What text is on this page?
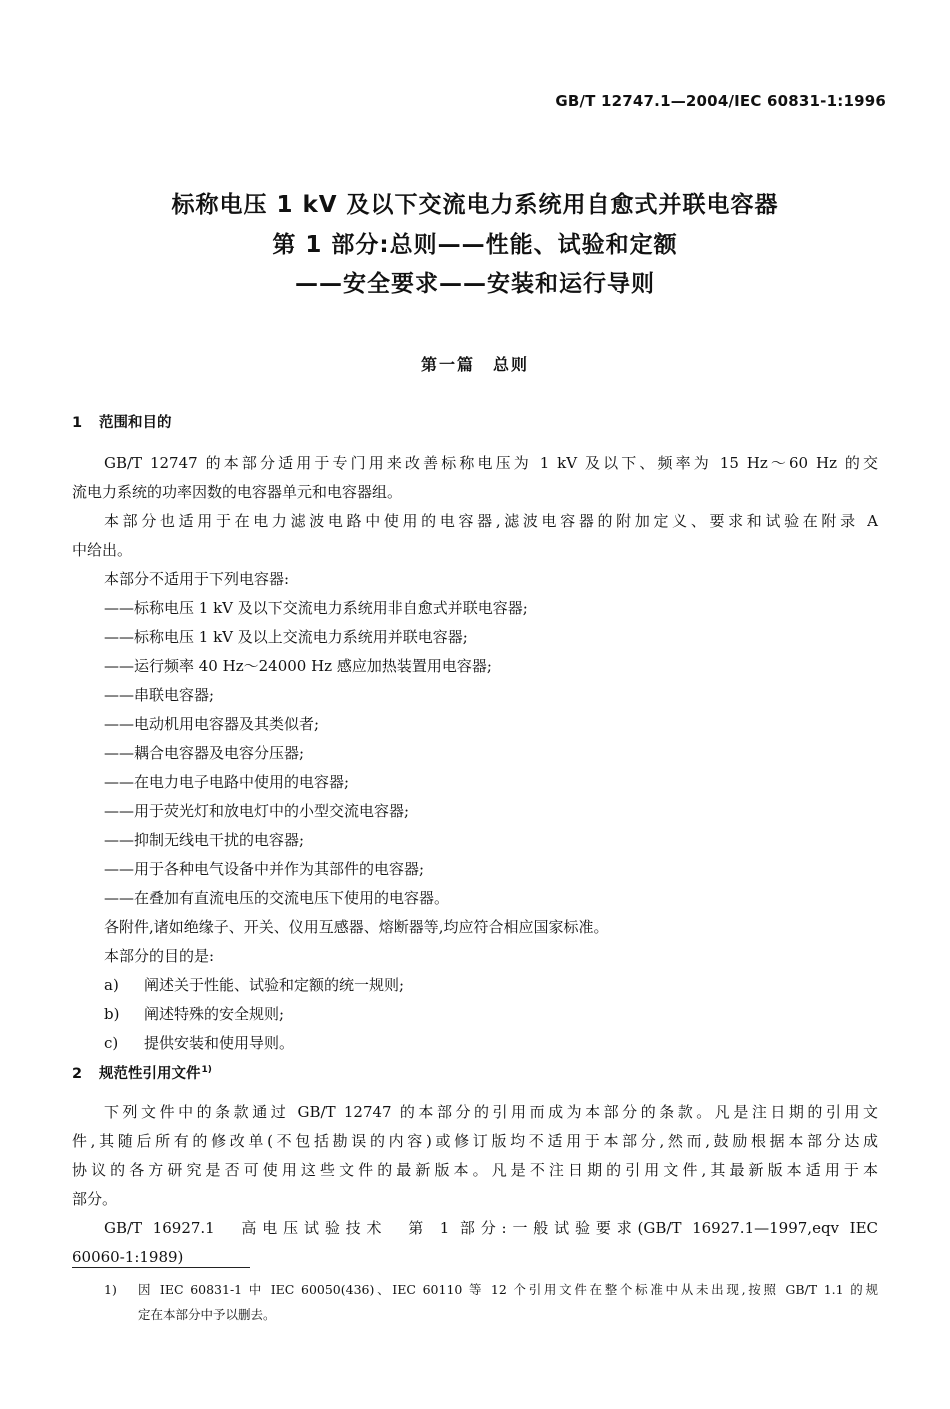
GB/T 12747.1—2004/IEC 60831-1:1996
标称电压 1 kV 及以下交流电力系统用自愈式并联电容器
第 1 部分:总则——性能、试验和定额
——安全要求——安装和运行导则
第一篇　总则
1 范围和目的
GB/T 12747 的本部分适用于专门用来改善标称电压为 1 kV 及以下、频率为 15 Hz～60 Hz 的交
流电力系统的功率因数的电容器单元和电容器组。
本部分也适用于在电力滤波电路中使用的电容器,滤波电容器的附加定义、要求和试验在附录 A
中给出。
本部分不适用于下列电容器:
——标称电压 1 kV 及以下交流电力系统用非自愈式并联电容器;
——标称电压 1 kV 及以上交流电力系统用并联电容器;
——运行频率 40 Hz～24000 Hz 感应加热装置用电容器;
——串联电容器;
——电动机用电容器及其类似者;
——耦合电容器及电容分压器;
——在电力电子电路中使用的电容器;
——用于荧光灯和放电灯中的小型交流电容器;
——抑制无线电干扰的电容器;
——用于各种电气设备中并作为其部件的电容器;
——在叠加有直流电压的交流电压下使用的电容器。
各附件,诸如绝缘子、开关、仪用互感器、熔断器等,均应符合相应国家标准。
本部分的目的是:
a) 阐述关于性能、试验和定额的统一规则;
b) 阐述特殊的安全规则;
c) 提供安装和使用导则。
2 规范性引用文件$^{1)}$
下列文件中的条款通过 GB/T 12747 的本部分的引用而成为本部分的条款。凡是注日期的引用文
件,其随后所有的修改单(不包括勘误的内容)或修订版均不适用于本部分,然而,鼓励根据本部分达成
协议的各方研究是否可使用这些文件的最新版本。凡是不注日期的引用文件,其最新版本适用于本
部分。
GB/T 16927.1　高电压试验技术　第 1 部分:一般试验要求(GB/T 16927.1—1997,eqv IEC
60060-1:1989)
1) 因 IEC 60831-1 中 IEC 60050(436)、IEC 60110 等 12 个引用文件在整个标准中从未出现,按照 GB/T 1.1 的规
定在本部分中予以删去。
